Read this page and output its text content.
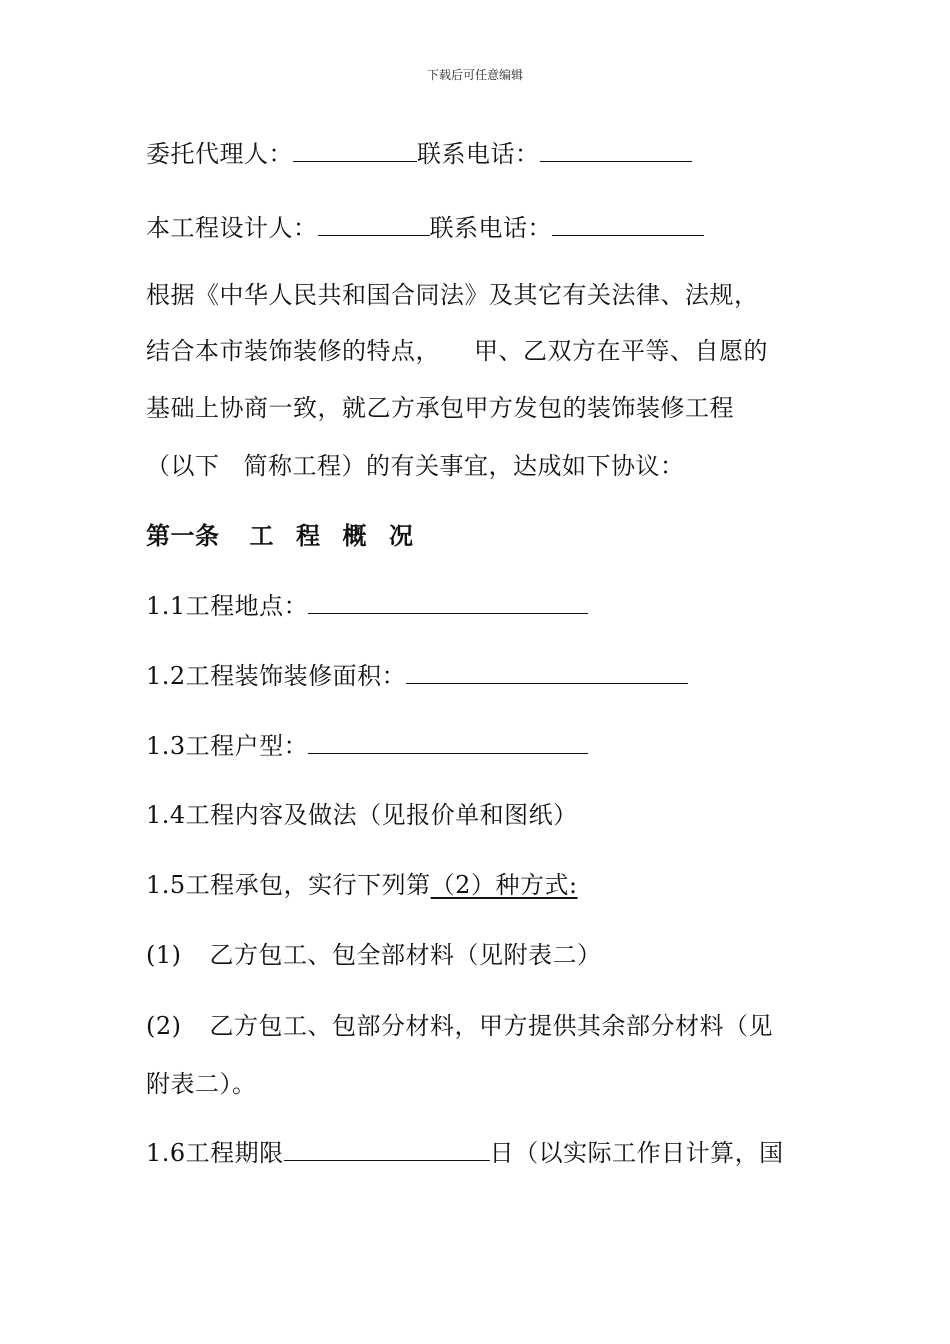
下载后可任意编辑
委托代理人：	联系电话：
本工程设计人：	联系电话：
根据《中华人民共和国合同法》及其它有关法律、法规，
结合本市装饰装修的特点， 甲、乙双方在平等、自愿的
基础上协商一致，就乙方承包甲方发包的装饰装修工程
（以下 简称工程）的有关事宜，达成如下协议：
第一条 工 程 概 况
1.1工程地点：
1.2工程装饰装修面积：
1.3工程户型：
1.4工程内容及做法（见报价单和图纸）
1.5工程承包，实行下列第（2）种方式:
(1) 乙方包工、包全部材料（见附表二）
(2) 乙方包工、包部分材料，甲方提供其余部分材料（见
附表二）。
1.6工程期限	日（以实际工作日计算，国
